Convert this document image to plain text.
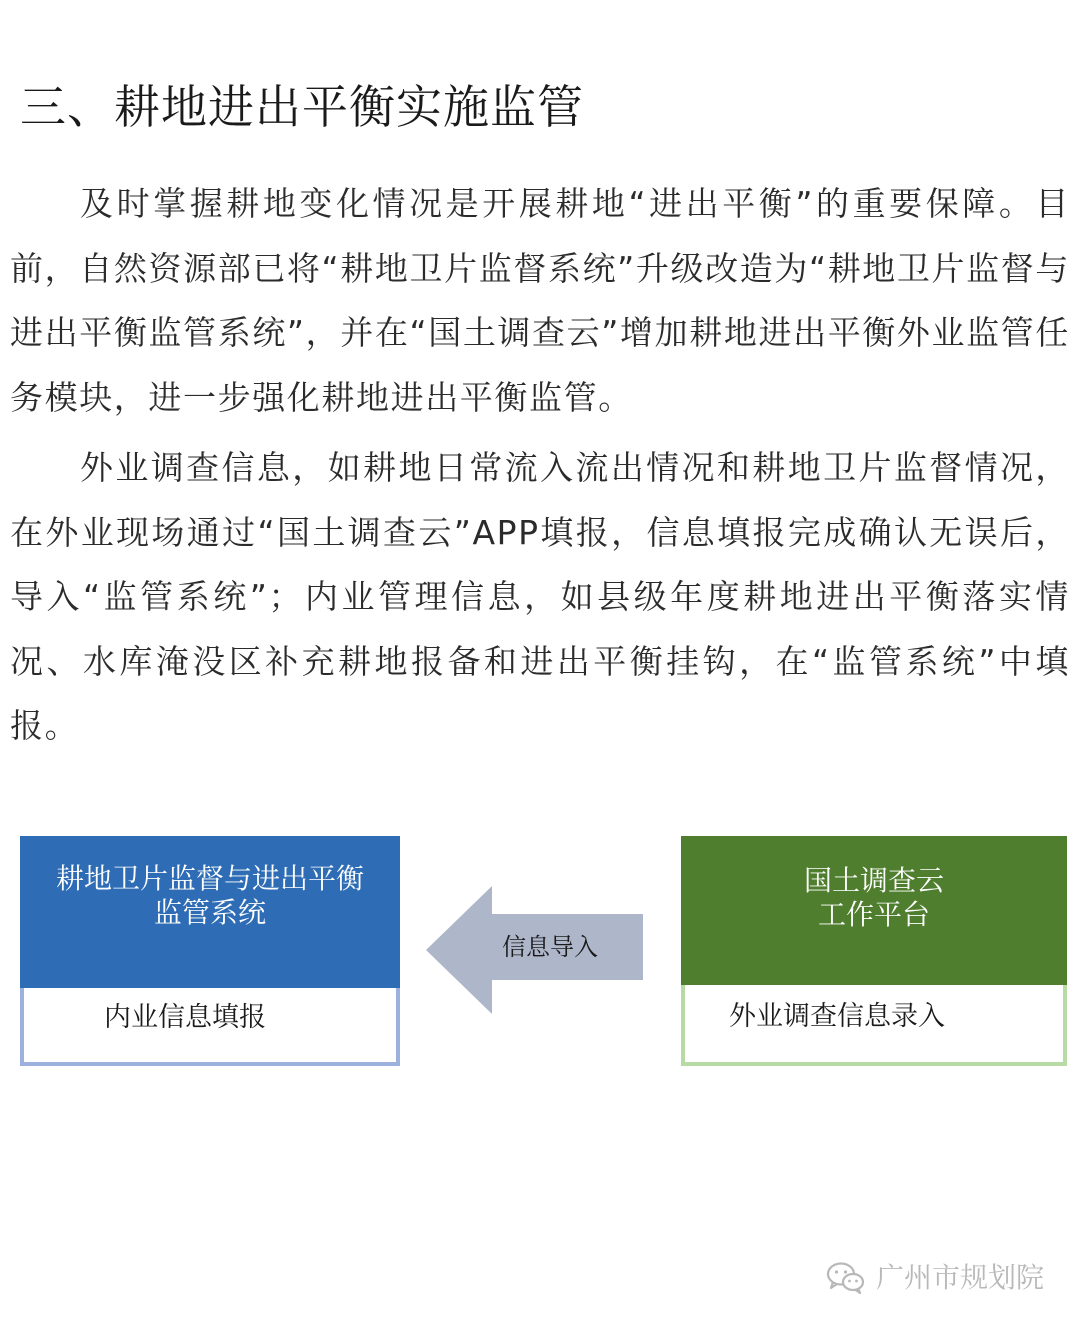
三、耕地进出平衡实施监管

及时掌握耕地变化情况是开展耕地“进出平衡”的重要保障。目前，自然资源部已将“耕地卫片监督系统”升级改造为“耕地卫片监督与进出平衡监管系统”，并在“国土调查云”增加耕地进出平衡外业监管任务模块，进一步强化耕地进出平衡监管。

外业调查信息，如耕地日常流入流出情况和耕地卫片监督情况，在外业现场通过“国土调查云”APP填报，信息填报完成确认无误后，导入“监管系统”；内业管理信息，如县级年度耕地进出平衡落实情况、水库淹没区补充耕地报备和进出平衡挂钩，在“监管系统”中填报。

耕地卫片监督与进出平衡监管系统
内业信息填报
信息导入
国土调查云
工作平台
外业调查信息录入
广州市规划院
